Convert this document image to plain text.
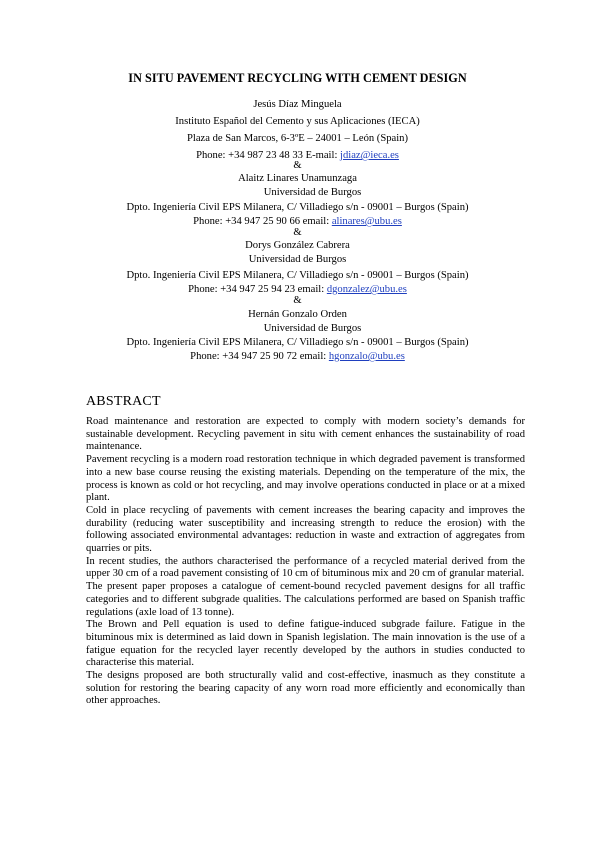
IN SITU PAVEMENT RECYCLING WITH CEMENT DESIGN
Jesús Díaz Minguela
Instituto Español del Cemento y sus Aplicaciones (IECA)
Plaza de San Marcos, 6-3ºE – 24001 – León (Spain)
Phone: +34 987 23 48 33 E-mail: jdiaz@ieca.es
&
Alaitz Linares Unamunzaga
Universidad de Burgos
Dpto. Ingeniería Civil EPS Milanera, C/ Villadiego s/n - 09001 – Burgos (Spain)
Phone: +34 947 25 90 66 email: alinares@ubu.es
&
Dorys González Cabrera
Universidad de Burgos
Dpto. Ingeniería Civil EPS Milanera, C/ Villadiego s/n - 09001 – Burgos (Spain)
Phone: +34 947 25 94 23 email: dgonzalez@ubu.es
&
Hernán Gonzalo Orden
Universidad de Burgos
Dpto. Ingeniería Civil EPS Milanera, C/ Villadiego s/n - 09001 – Burgos (Spain)
Phone: +34 947 25 90 72 email: hgonzalo@ubu.es
ABSTRACT

Road maintenance and restoration are expected to comply with modern society’s demands for sustainable development. Recycling pavement in situ with cement enhances the sustainability of road maintenance.

Pavement recycling is a modern road restoration technique in which degraded pavement is transformed into a new base course reusing the existing materials. Depending on the temperature of the mix, the process is known as cold or hot recycling, and may involve operations conducted in place or at a mixed plant.

Cold in place recycling of pavements with cement increases the bearing capacity and improves the durability (reducing water susceptibility and increasing strength to reduce the erosion) with the following associated environmental advantages: reduction in waste and extraction of aggregates from quarries or pits.

In recent studies, the authors characterised the performance of a recycled material derived from the upper 30 cm of a road pavement consisting of 10 cm of bituminous mix and 20 cm of granular material.

The present paper proposes a catalogue of cement-bound recycled pavement designs for all traffic categories and to different subgrade qualities. The calculations performed are based on Spanish traffic regulations (axle load of 13 tonne).

The Brown and Pell equation is used to define fatigue-induced subgrade failure. Fatigue in the bituminous mix is determined as laid down in Spanish legislation. The main innovation is the use of a fatigue equation for the recycled layer recently developed by the authors in studies conducted to characterise this material.

The designs proposed are both structurally valid and cost-effective, inasmuch as they constitute a solution for restoring the bearing capacity of any worn road more efficiently and economically than other approaches.
